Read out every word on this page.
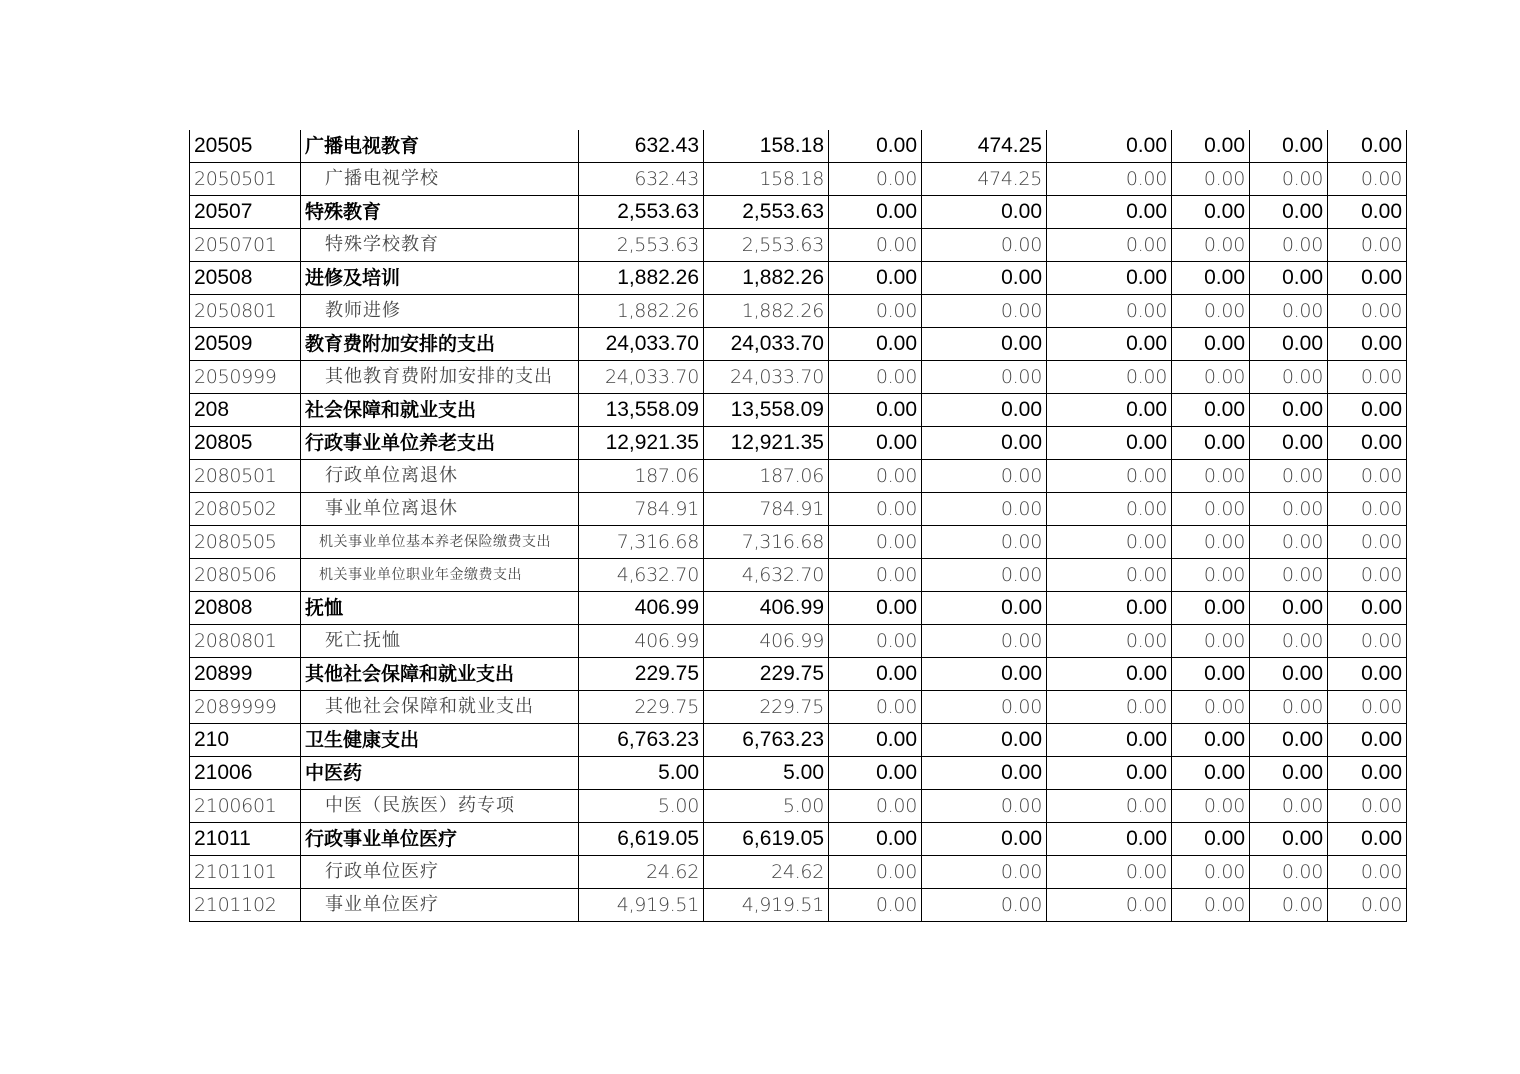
20505	广播电视教育	632.43	158.18	0.00	474.25	0.00	0.00	0.00	0.00
2050501	广播电视学校	632.43	158.18	0.00	474.25	0.00	0.00	0.00	0.00
20507	特殊教育	2,553.63	2,553.63	0.00	0.00	0.00	0.00	0.00	0.00
2050701	特殊学校教育	2,553.63	2,553.63	0.00	0.00	0.00	0.00	0.00	0.00
20508	进修及培训	1,882.26	1,882.26	0.00	0.00	0.00	0.00	0.00	0.00
2050801	教师进修	1,882.26	1,882.26	0.00	0.00	0.00	0.00	0.00	0.00
20509	教育费附加安排的支出	24,033.70	24,033.70	0.00	0.00	0.00	0.00	0.00	0.00
2050999	其他教育费附加安排的支出	24,033.70	24,033.70	0.00	0.00	0.00	0.00	0.00	0.00
208	社会保障和就业支出	13,558.09	13,558.09	0.00	0.00	0.00	0.00	0.00	0.00
20805	行政事业单位养老支出	12,921.35	12,921.35	0.00	0.00	0.00	0.00	0.00	0.00
2080501	行政单位离退休	187.06	187.06	0.00	0.00	0.00	0.00	0.00	0.00
2080502	事业单位离退休	784.91	784.91	0.00	0.00	0.00	0.00	0.00	0.00
2080505	机关事业单位基本养老保险缴费支出	7,316.68	7,316.68	0.00	0.00	0.00	0.00	0.00	0.00
2080506	机关事业单位职业年金缴费支出	4,632.70	4,632.70	0.00	0.00	0.00	0.00	0.00	0.00
20808	抚恤	406.99	406.99	0.00	0.00	0.00	0.00	0.00	0.00
2080801	死亡抚恤	406.99	406.99	0.00	0.00	0.00	0.00	0.00	0.00
20899	其他社会保障和就业支出	229.75	229.75	0.00	0.00	0.00	0.00	0.00	0.00
2089999	其他社会保障和就业支出	229.75	229.75	0.00	0.00	0.00	0.00	0.00	0.00
210	卫生健康支出	6,763.23	6,763.23	0.00	0.00	0.00	0.00	0.00	0.00
21006	中医药	5.00	5.00	0.00	0.00	0.00	0.00	0.00	0.00
2100601	中医（民族医）药专项	5.00	5.00	0.00	0.00	0.00	0.00	0.00	0.00
21011	行政事业单位医疗	6,619.05	6,619.05	0.00	0.00	0.00	0.00	0.00	0.00
2101101	行政单位医疗	24.62	24.62	0.00	0.00	0.00	0.00	0.00	0.00
2101102	事业单位医疗	4,919.51	4,919.51	0.00	0.00	0.00	0.00	0.00	0.00
